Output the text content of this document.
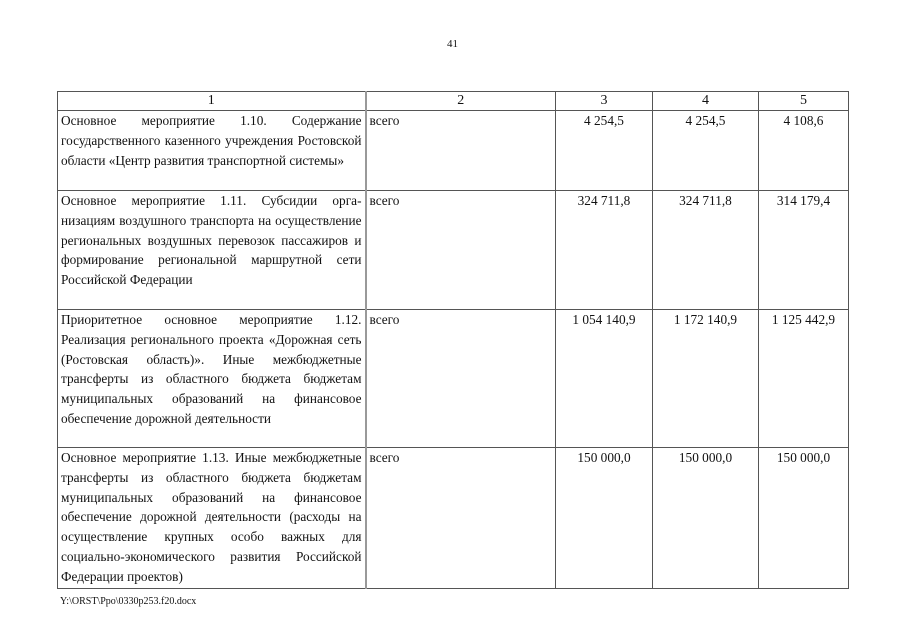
41
1	2	3	4	5
Основное мероприятие 1.10. Содержание государственного казенного учреждения Ростовской области «Центр развития транспортной системы»	всего	4 254,5	4 254,5	4 108,6
Основное мероприятие 1.11. Субсидии организациям воздушного транспорта на осуществление региональных воздушных перевозок пассажиров и формирование региональной маршрутной сети Российской Федерации	всего	324 711,8	324 711,8	314 179,4
Приоритетное основное мероприятие 1.12. Реализация регионального проекта «Дорожная сеть (Ростовская область)». Иные межбюджетные трансферты из областного бюджета бюджетам муниципальных образований на финансовое обеспечение дорожной деятельности	всего	1 054 140,9	1 172 140,9	1 125 442,9
Основное мероприятие 1.13. Иные межбюджетные трансферты из областного бюджета бюджетам муниципальных образований на финансовое обеспечение дорожной деятельности (расходы на осуществление крупных особо важных для социально-экономического развития Российской Федерации проектов)	всего	150 000,0	150 000,0	150 000,0
Y:\ORST\Ppo\0330p253.f20.docx
